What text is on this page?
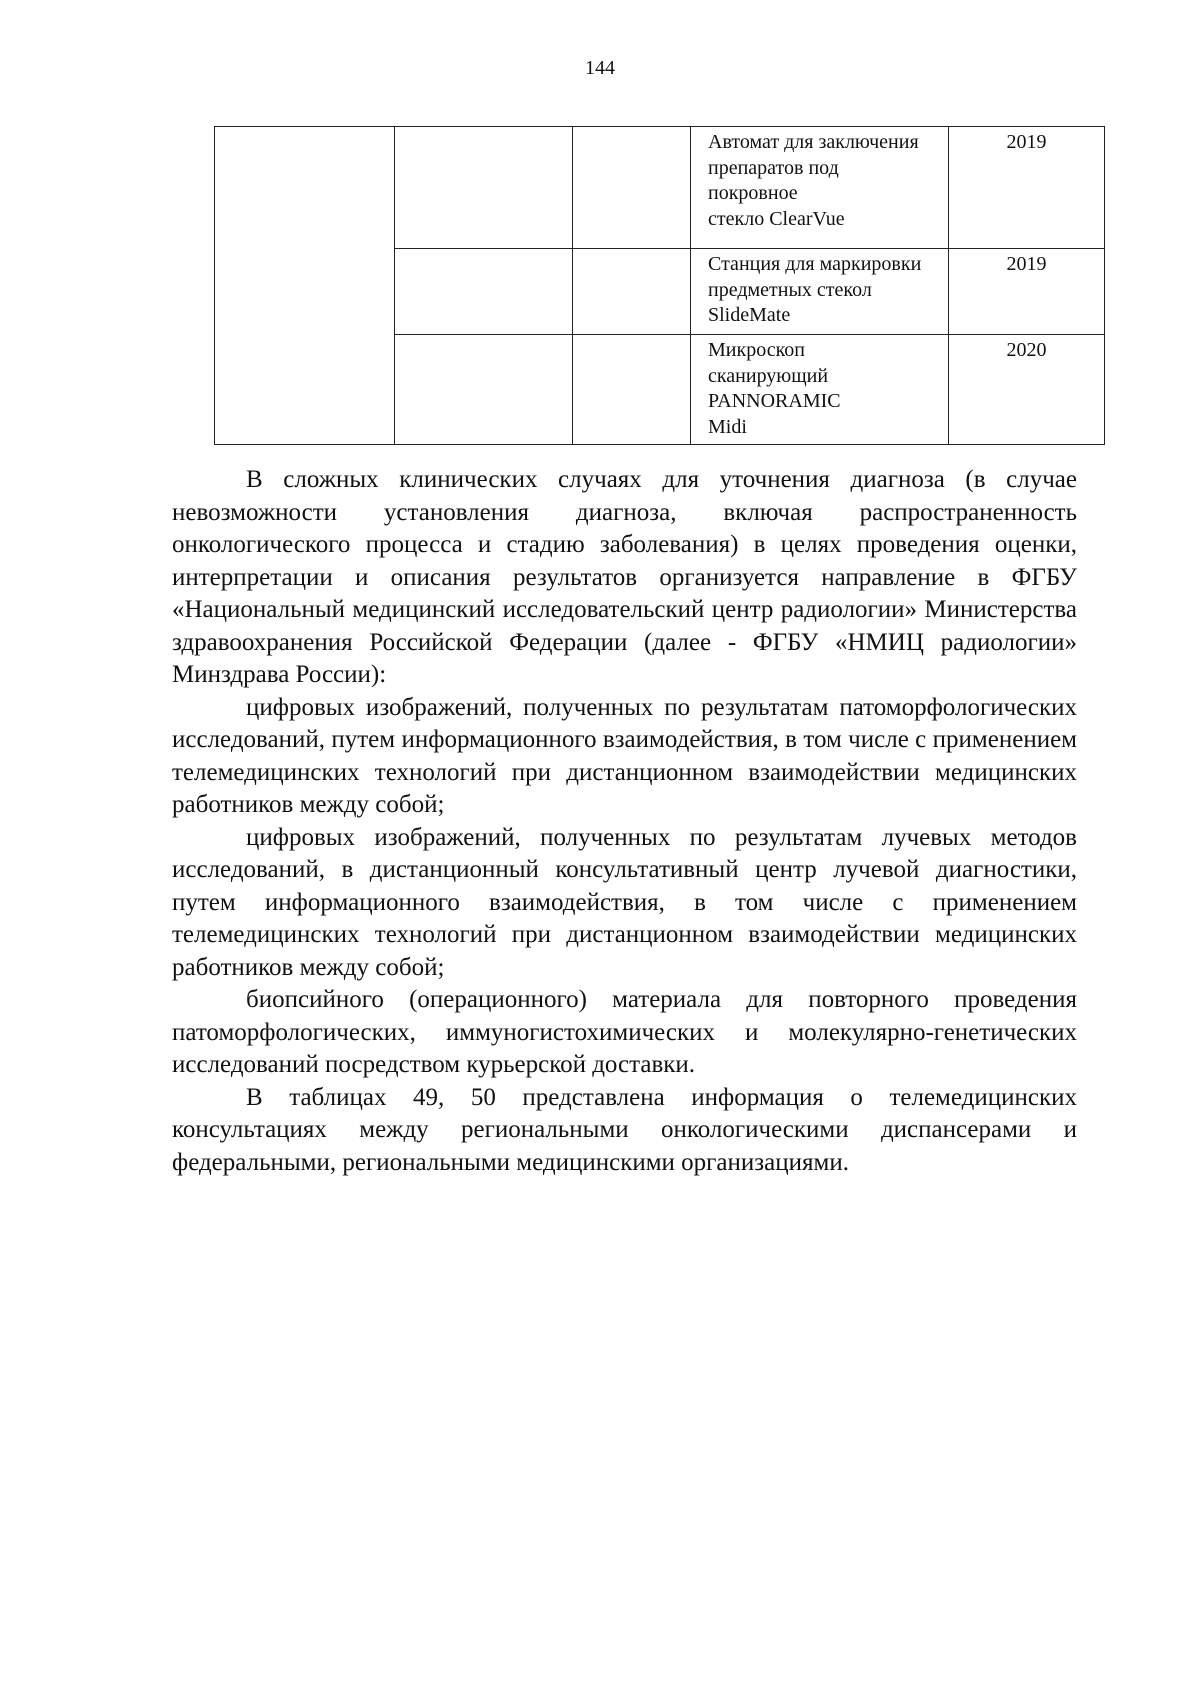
144
			Автомат для заключения
препаратов под
покровное
стекло ClearVue	2019
			Станция для маркировки
предметных стекол
SlideMate	2019
			Микроскоп
сканирующий
PANNORAMIC
Midi	2020

В сложных клинических случаях для уточнения диагноза (в случае невозможности установления диагноза, включая распространенность онкологического процесса и стадию заболевания) в целях проведения оценки, интерпретации и описания результатов организуется направление в ФГБУ «Национальный медицинский исследовательский центр радиологии» Министерства здравоохранения Российской Федерации (далее - ФГБУ «НМИЦ радиологии» Минздрава России):

цифровых изображений, полученных по результатам патоморфологических исследований, путем информационного взаимодействия, в том числе с применением телемедицинских технологий при дистанционном взаимодействии медицинских работников между собой;

цифровых изображений, полученных по результатам лучевых методов исследований, в дистанционный консультативный центр лучевой диагностики, путем информационного взаимодействия, в том числе с применением телемедицинских технологий при дистанционном взаимодействии медицинских работников между собой;

биопсийного (операционного) материала для повторного проведения патоморфологических, иммуногистохимических и молекулярно-генетических исследований посредством курьерской доставки.

В таблицах 49, 50 представлена информация о телемедицинских консультациях между региональными онкологическими диспансерами и федеральными, региональными медицинскими организациями.
